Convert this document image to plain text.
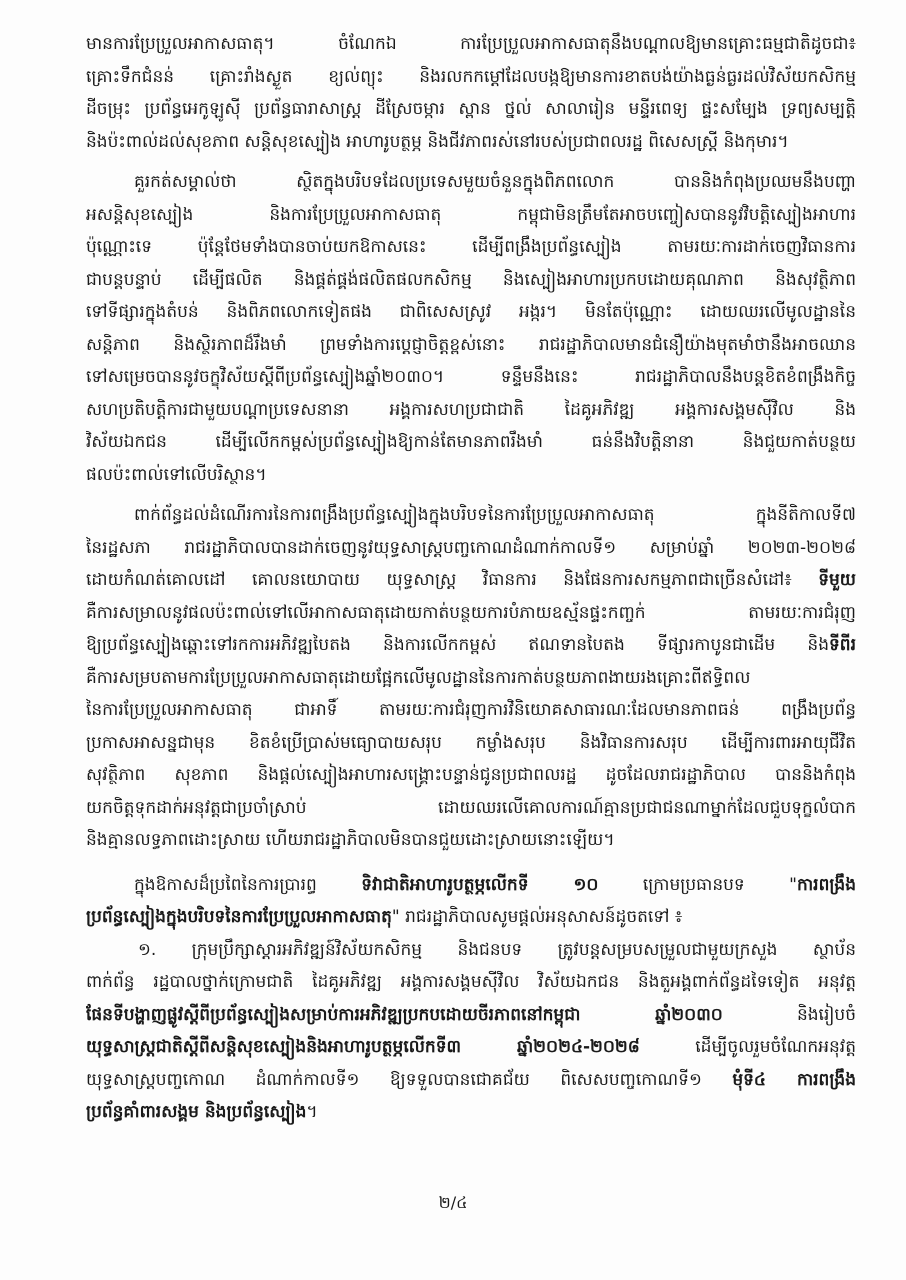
មានការប្រែប្រួលអាកាសធាតុ។ ចំណែកឯ ការប្រែប្រួលអាកាសធាតុនឹងបណ្តាលឱ្យមានគ្រោះធម្មជាតិដូចជា៖
គ្រោះទឹកជំនន់ គ្រោះរាំងស្ងួត ខ្យល់ព្យុះ និងរលកកម្ដៅដែលបង្កឱ្យមានការខាតបង់យ៉ាងធ្ងន់ធ្ងរដល់វិស័យកសិកម្ម
ដីចម្រុះ ប្រព័ន្ធអេកូឡូស៊ី ប្រព័ន្ធធារាសាស្ត្រ ដីស្រែចម្ការ ស្ពាន ថ្នល់ សាលារៀន មន្ទីរពេទ្យ ផ្ទះសម្បែង ទ្រព្យសម្បត្តិ
និងប៉ះពាល់ដល់សុខភាព សន្តិសុខស្បៀង អាហារូបត្ថម្ភ និងជីវភាពរស់នៅរបស់ប្រជាពលរដ្ឋ ពិសេសស្ត្រី និងកុមារ។
គួរកត់សម្គាល់ថា ស្ថិតក្នុងបរិបទដែលប្រទេសមួយចំនួនក្នុងពិភពលោក បាននិងកំពុងប្រឈមនឹងបញ្ហា
អសន្តិសុខស្បៀង និងការប្រែប្រួលអាកាសធាតុ កម្ពុជាមិនត្រឹមតែអាចបញ្ចៀសបាននូវវិបត្តិស្បៀងអាហារ
ប៉ុណ្ណោះទេ ប៉ុន្តែថែមទាំងបានចាប់យកឱកាសនេះ ដើម្បីពង្រឹងប្រព័ន្ធស្បៀង តាមរយៈការដាក់ចេញវិធានការ
ជាបន្តបន្ទាប់ ដើម្បីផលិត និងផ្គត់ផ្គង់ផលិតផលកសិកម្ម និងស្បៀងអាហារប្រកបដោយគុណភាព និងសុវត្ថិភាព
ទៅទីផ្សារក្នុងតំបន់ និងពិភពលោកទៀតផង ជាពិសេសស្រូវ អង្ករ។ មិនតែប៉ុណ្ណោះ ដោយឈរលើមូលដ្ឋាននៃ
សន្តិភាព និងស្ថិរភាពដ៏រឹងមាំ ព្រមទាំងការប្តេជ្ញាចិត្តខ្ពស់នោះ រាជរដ្ឋាភិបាលមានជំនឿយ៉ាងមុតមាំថានឹងអាចឈាន
ទៅសម្រេចបាននូវចក្ខុវិស័យស្តីពីប្រព័ន្ធស្បៀងឆ្នាំ២០៣០។ ទន្ទឹមនឹងនេះ រាជរដ្ឋាភិបាលនឹងបន្តខិតខំពង្រឹងកិច្ច
សហប្រតិបត្តិការជាមួយបណ្តាប្រទេសនានា អង្គការសហប្រជាជាតិ ដៃគូអភិវឌ្ឍ អង្គការសង្គមស៊ីវិល និង
វិស័យឯកជន ដើម្បីលើកកម្ពស់ប្រព័ន្ធស្បៀងឱ្យកាន់តែមានភាពរឹងមាំ ធន់នឹងវិបត្តិនានា និងជួយកាត់បន្ថយ
ផលប៉ះពាល់ទៅលើបរិស្ថាន។
ពាក់ព័ន្ធដល់ដំណើរការនៃការពង្រឹងប្រព័ន្ធស្បៀងក្នុងបរិបទនៃការប្រែប្រួលអាកាសធាតុ ក្នុងនីតិកាលទី៧
នៃរដ្ឋសភា រាជរដ្ឋាភិបាលបានដាក់ចេញនូវយុទ្ធសាស្ត្របញ្ចកោណដំណាក់កាលទី១ សម្រាប់ឆ្នាំ ២០២៣-២០២៨
ដោយកំណត់គោលដៅ គោលនយោបាយ យុទ្ធសាស្ត្រ វិធានការ និងផែនការសកម្មភាពជាច្រើនសំដៅ៖ ទីមួយ
គឺការសម្រាលនូវផលប៉ះពាល់ទៅលើអាកាសធាតុដោយកាត់បន្ថយការបំភាយឧស្ម័នផ្ទះកញ្ចក់ តាមរយៈការជំរុញ
ឱ្យប្រព័ន្ធស្បៀងឆ្ពោះទៅរកការអភិវឌ្ឍបៃតង និងការលើកកម្ពស់ ឥណទានបៃតង ទីផ្សារកាបូនជាដើម និងទីពីរ
គឺការសម្របតាមការប្រែប្រួលអាកាសធាតុដោយផ្អែកលើមូលដ្ឋាននៃការកាត់បន្ថយភាពងាយរងគ្រោះពីឥទ្ធិពល
នៃការប្រែប្រួលអាកាសធាតុ ជាអាទិ៍ តាមរយៈការជំរុញការវិនិយោគសាធារណៈដែលមានភាពធន់ ពង្រឹងប្រព័ន្ធ
ប្រកាសអាសន្នជាមុន ខិតខំប្រើប្រាស់មធ្យោបាយសរុប កម្លាំងសរុប និងវិធានការសរុប ដើម្បីការពារអាយុជីវិត
សុវត្ថិភាព សុខភាព និងផ្តល់ស្បៀងអាហារសង្គ្រោះបន្ទាន់ជូនប្រជាពលរដ្ឋ ដូចដែលរាជរដ្ឋាភិបាល បាននិងកំពុង
យកចិត្តទុកដាក់អនុវត្តជាប្រចាំស្រាប់ ដោយឈរលើគោលការណ៍គ្មានប្រជាជនណាម្នាក់ដែលជួបទុក្ខលំបាក
និងគ្មានលទ្ធភាពដោះស្រាយ ហើយរាជរដ្ឋាភិបាលមិនបានជួយដោះស្រាយនោះឡើយ។
ក្នុងឱកាសដ៏ប្រពៃនៃការប្រារព្ធ ទិវាជាតិអាហារូបត្ថម្ភលើកទី ១០ ក្រោមប្រធានបទ "ការពង្រឹង
ប្រព័ន្ធស្បៀងក្នុងបរិបទនៃការប្រែប្រួលអាកាសធាតុ" រាជរដ្ឋាភិបាលសូមផ្តល់អនុសាសន៍ដូចតទៅ ៖
១. ក្រុមប្រឹក្សាស្តារអភិវឌ្ឍន៍វិស័យកសិកម្ម និងជនបទ ត្រូវបន្តសម្របសម្រួលជាមួយក្រសួង ស្ថាប័ន
ពាក់ព័ន្ធ រដ្ឋបាលថ្នាក់ក្រោមជាតិ ដៃគូអភិវឌ្ឍ អង្គការសង្គមស៊ីវិល វិស័យឯកជន និងតួអង្គពាក់ព័ន្ធដទៃទៀត អនុវត្ត
ផែនទីបង្ហាញផ្លូវស្តីពីប្រព័ន្ធស្បៀងសម្រាប់ការអភិវឌ្ឍប្រកបដោយចីរភាពនៅកម្ពុជា ឆ្នាំ២០៣០ និងរៀបចំ
យុទ្ធសាស្ត្រជាតិស្តីពីសន្តិសុខស្បៀងនិងអាហារូបត្ថម្ភលើកទី៣ ឆ្នាំ២០២៤-២០២៨ ដើម្បីចូលរួមចំណែកអនុវត្ត
យុទ្ធសាស្ត្របញ្ចកោណ ដំណាក់កាលទី១ ឱ្យទទួលបានជោគជ័យ ពិសេសបញ្ចកោណទី១ មុំទី៤ ការពង្រឹង
ប្រព័ន្ធគាំពារសង្គម និងប្រព័ន្ធស្បៀង។
២/៤
